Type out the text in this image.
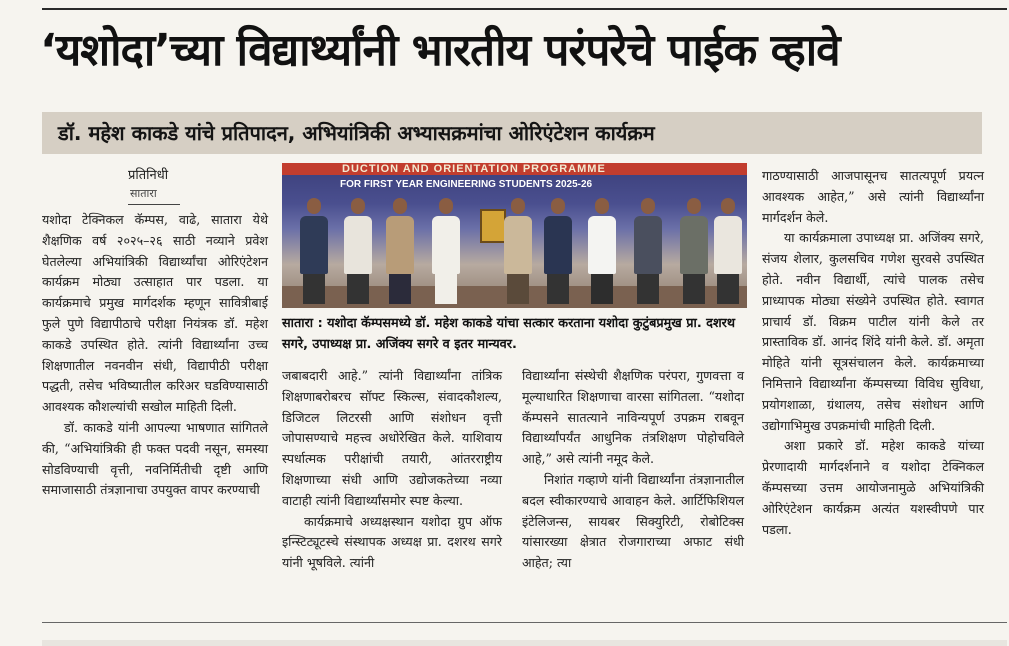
‘यशोदा’च्या विद्यार्थ्यांनी भारतीय परंपरेचे पाईक व्हावे
डॉ. महेश काकडे यांचे प्रतिपादन, अभियांत्रिकी अभ्यासक्रमांचा ओरिएंटेशन कार्यक्रम
प्रतिनिधी
सातारा

यशोदा टेक्निकल कॅम्पस, वाढे, सातारा येथे शैक्षणिक वर्ष २०२५–२६ साठी नव्याने प्रवेश घेतलेल्या अभियांत्रिकी विद्यार्थ्यांचा ओरिएंटेशन कार्यक्रम मोठ्या उत्साहात पार पडला. या कार्यक्रमाचे प्रमुख मार्गदर्शक म्हणून सावित्रीबाई फुले पुणे विद्यापीठाचे परीक्षा नियंत्रक डॉ. महेश काकडे उपस्थित होते. त्यांनी विद्यार्थ्यांना उच्च शिक्षणातील नवनवीन संधी, विद्यापीठी परीक्षा पद्धती, तसेच भविष्यातील करिअर घडविण्यासाठी आवश्यक कौशल्यांची सखोल माहिती दिली.

डॉ. काकडे यांनी आपल्या भाषणात सांगितले की, “अभियांत्रिकी ही फक्त पदवी नसून, समस्या सोडविण्याची वृत्ती, नवनिर्मितीची दृष्टी आणि समाजासाठी तंत्रज्ञानाचा उपयुक्त वापर करण्याची

DUCTION AND ORIENTATION PROGRAMME
FOR FIRST YEAR ENGINEERING STUDENTS 2025-26
सातारा : यशोदा कॅम्पसमध्ये डॉ. महेश काकडे यांचा सत्कार करताना यशोदा कुटुंबप्रमुख प्रा. दशरथ सगरे, उपाध्यक्ष प्रा. अजिंक्य सगरे व इतर मान्यवर.

जबाबदारी आहे.” त्यांनी विद्यार्थ्यांना तांत्रिक शिक्षणाबरोबरच सॉफ्ट स्किल्स, संवादकौशल्य, डिजिटल लिटरसी आणि संशोधन वृत्ती जोपासण्याचे महत्त्व अधोरेखित केले. याशिवाय स्पर्धात्मक परीक्षांची तयारी, आंतरराष्ट्रीय शिक्षणाच्या संधी आणि उद्योजकतेच्या नव्या वाटाही त्यांनी विद्यार्थ्यांसमोर स्पष्ट केल्या.

कार्यक्रमाचे अध्यक्षस्थान यशोदा ग्रुप ऑफ इन्स्टिट्यूटस्चे संस्थापक अध्यक्ष प्रा. दशरथ सगरे यांनी भूषविले. त्यांनी

विद्यार्थ्यांना संस्थेची शैक्षणिक परंपरा, गुणवत्ता व मूल्याधारित शिक्षणाचा वारसा सांगितला. “यशोदा कॅम्पसने सातत्याने नाविन्यपूर्ण उपक्रम राबवून विद्यार्थ्यांपर्यंत आधुनिक तंत्रशिक्षण पोहोचविले आहे,” असे त्यांनी नमूद केले.

निशांत गव्हाणे यांनी विद्यार्थ्यांना तंत्रज्ञानातील बदल स्वीकारण्याचे आवाहन केले. आर्टिफिशियल इंटेलिजन्स, सायबर सिक्युरिटी, रोबोटिक्स यांसारख्या क्षेत्रात रोजगाराच्या अफाट संधी आहेत; त्या

गाठण्यासाठी आजपासूनच सातत्यपूर्ण प्रयत्न आवश्यक आहेत,” असे त्यांनी विद्यार्थ्यांना मार्गदर्शन केले.

या कार्यक्रमाला उपाध्यक्ष प्रा. अजिंक्य सगरे, संजय शेलार, कुलसचिव गणेश सुरवसे उपस्थित होते. नवीन विद्यार्थी, त्यांचे पालक तसेच प्राध्यापक मोठ्या संख्येने उपस्थित होते. स्वागत प्राचार्य डॉ. विक्रम पाटील यांनी केले तर प्रास्ताविक डॉ. आनंद शिंदे यांनी केले. डॉ. अमृता मोहिते यांनी सूत्रसंचालन केले. कार्यक्रमाच्या निमित्ताने विद्यार्थ्यांना कॅम्पसच्या विविध सुविधा, प्रयोगशाळा, ग्रंथालय, तसेच संशोधन आणि उद्योगाभिमुख उपक्रमांची माहिती दिली.

अशा प्रकारे डॉ. महेश काकडे यांच्या प्रेरणादायी मार्गदर्शनाने व यशोदा टेक्निकल कॅम्पसच्या उत्तम आयोजनामुळे अभियांत्रिकी ओरिएंटेशन कार्यक्रम अत्यंत यशस्वीपणे पार पडला.
